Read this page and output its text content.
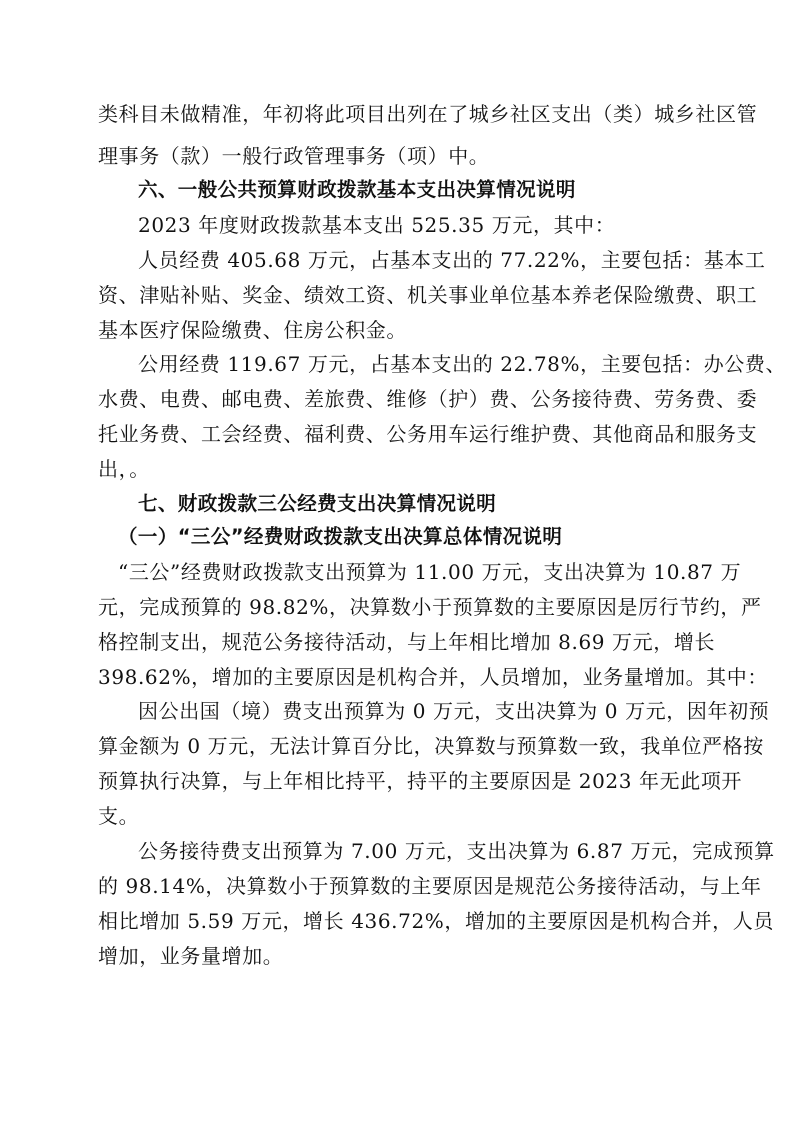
类科目未做精准，年初将此项目出列在了城乡社区支出（类）城乡社区管
理事务（款）一般行政管理事务（项）中。
六、一般公共预算财政拨款基本支出决算情况说明
2023 年度财政拨款基本支出 525.35 万元，其中：
人员经费 405.68 万元，占基本支出的 77.22%，主要包括：基本工
资、津贴补贴、奖金、绩效工资、机关事业单位基本养老保险缴费、职工
基本医疗保险缴费、住房公积金。
公用经费 119.67 万元，占基本支出的 22.78%，主要包括：办公费、
水费、电费、邮电费、差旅费、维修（护）费、公务接待费、劳务费、委
托业务费、工会经费、福利费、公务用车运行维护费、其他商品和服务支
出，。
七、财政拨款三公经费支出决算情况说明
（一）“三公”经费财政拨款支出决算总体情况说明
“三公”经费财政拨款支出预算为 11.00 万元，支出决算为 10.87 万
元，完成预算的 98.82%，决算数小于预算数的主要原因是厉行节约，严
格控制支出，规范公务接待活动，与上年相比增加 8.69 万元，增长
398.62%，增加的主要原因是机构合并，人员增加，业务量增加。其中：
因公出国（境）费支出预算为 0 万元，支出决算为 0 万元，因年初预
算金额为 0 万元，无法计算百分比，决算数与预算数一致，我单位严格按
预算执行决算，与上年相比持平，持平的主要原因是 2023 年无此项开
支。
公务接待费支出预算为 7.00 万元，支出决算为 6.87 万元，完成预算
的 98.14%，决算数小于预算数的主要原因是规范公务接待活动，与上年
相比增加 5.59 万元，增长 436.72%，增加的主要原因是机构合并，人员
增加，业务量增加。
